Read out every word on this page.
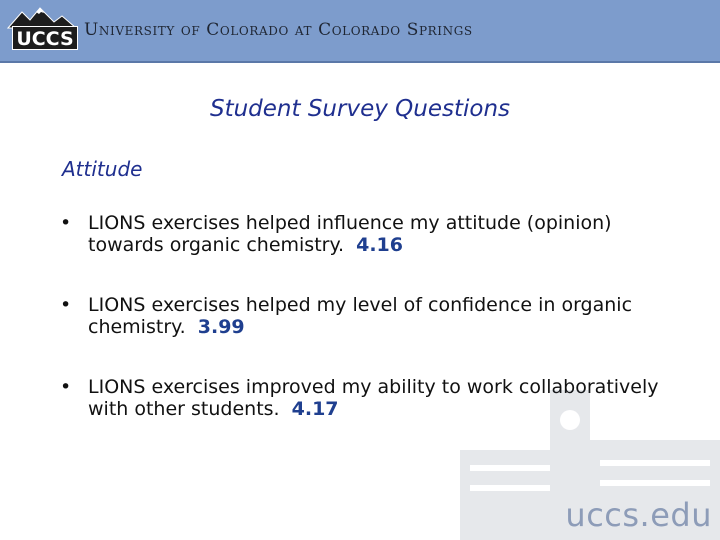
UCCS University of Colorado at Colorado Springs
Student Survey Questions
Attitude
• LIONS exercises helped influence my attitude (opinion) towards organic chemistry. 4.16
• LIONS exercises helped my level of confidence in organic chemistry. 3.99
• LIONS exercises improved my ability to work collaboratively with other students. 4.17
uccs.edu
